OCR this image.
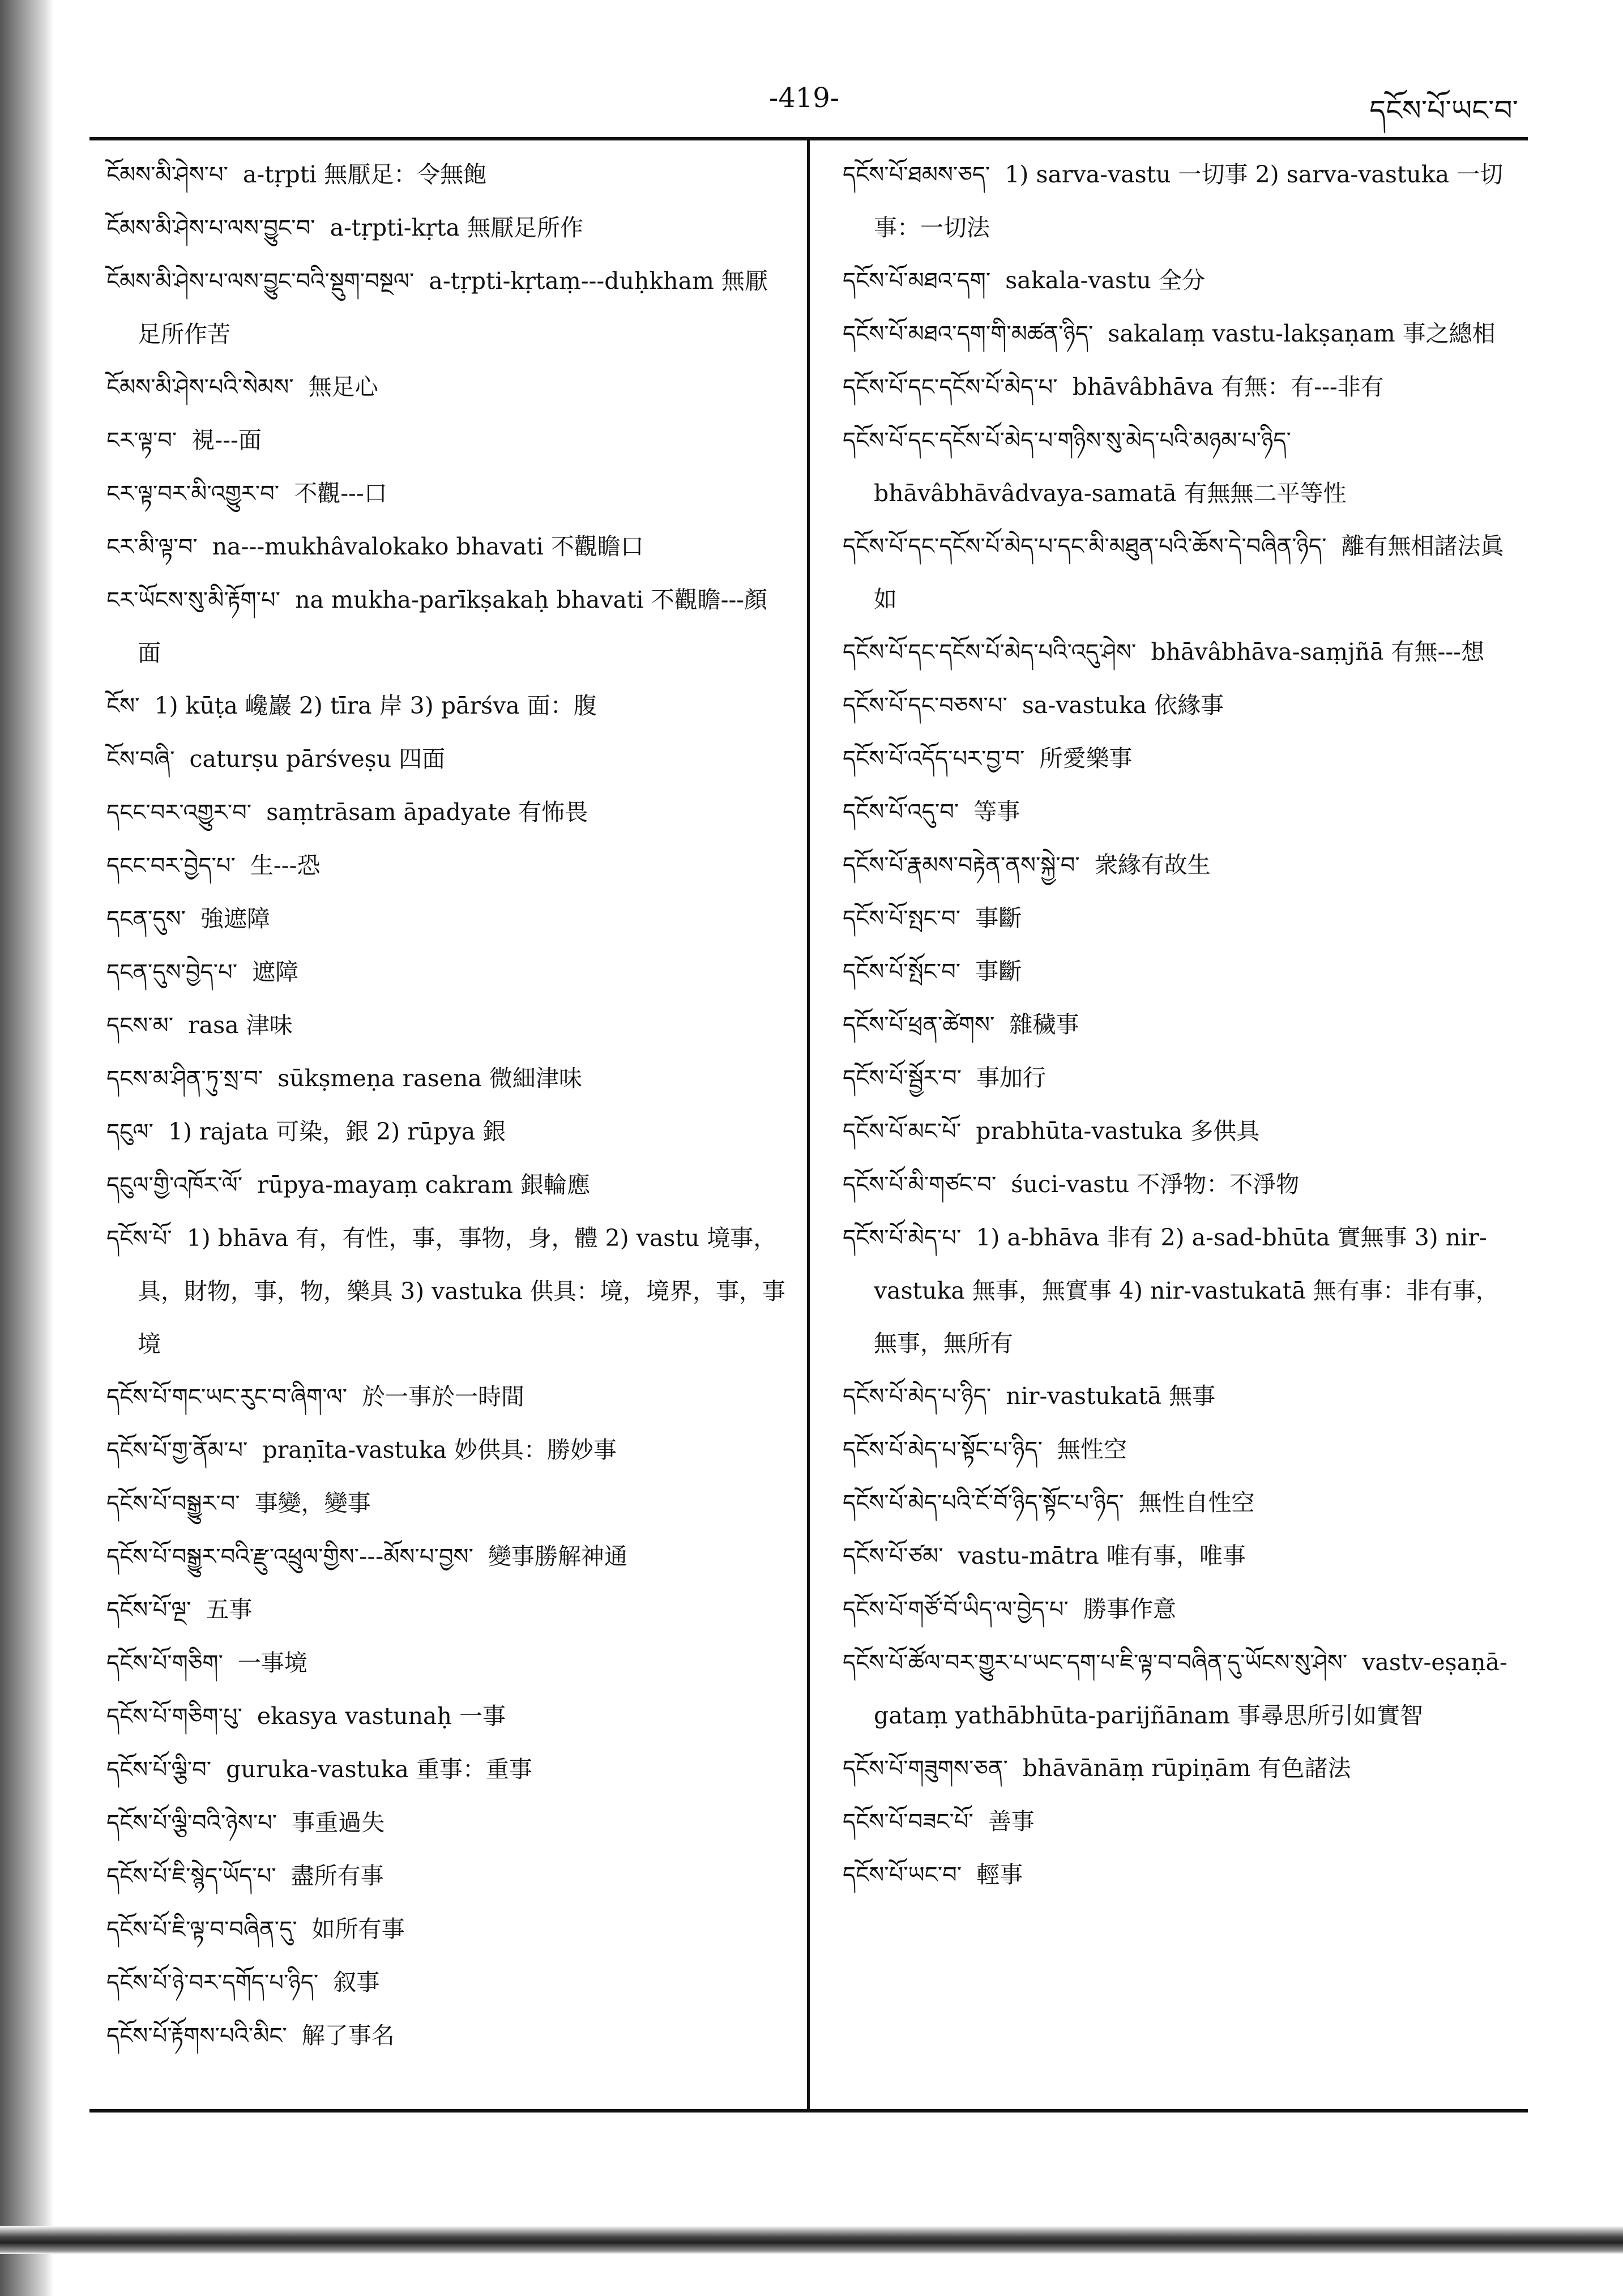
-419-	དངོས་པོ་ཡང་བ་
ངོམས་མི་ཤེས་པ་ a-tṛpti 無厭足：令無飽
ངོམས་མི་ཤེས་པ་ལས་བྱུང་བ་ a-tṛpti-kṛta 無厭足所作
ངོམས་མི་ཤེས་པ་ལས་བྱུང་བའི་སྡུག་བསྔལ་ a-tṛpti-kṛtaṃ---duḥkham 無厭足所作苦
ངོམས་མི་ཤེས་པའི་སེམས་ 無足心
ངར་ལྟ་བ་ 視---面
ངར་ལྟ་བར་མི་འགྱུར་བ་ 不觀---口
ངར་མི་ལྟ་བ་ na---mukhâvalokako bhavati 不觀瞻口
ངར་ཡོངས་སུ་མི་རྟོག་པ་ na mukha-parīkṣakaḥ bhavati 不觀瞻---顏面
ངོས་ 1) kūṭa 巉巖 2) tīra 岸 3) pārśva 面：腹
ངོས་བཞི་ caturṣu pārśveṣu 四面
དངང་བར་འགྱུར་བ་ saṃtrāsam āpadyate 有怖畏
དངང་བར་བྱེད་པ་ 生---恐
དངན་དུས་ 強遮障
དངན་དུས་བྱེད་པ་ 遮障
དངས་མ་ rasa 津味
དངས་མ་ཤིན་ཏུ་སྲ་བ་ sūkṣmeṇa rasena 微細津味
དངུལ་ 1) rajata 可染，銀 2) rūpya 銀
དངུལ་གྱི་འཁོར་ལོ་ rūpya-mayaṃ cakram 銀輪應
དངོས་པོ་ 1) bhāva 有，有性，事，事物，身，體 2) vastu 境事，具，財物，事，物，樂具 3) vastuka 供具：境，境界，事，事境
དངོས་པོ་གང་ཡང་རུང་བ་ཞིག་ལ་ 於一事於一時間
དངོས་པོ་གྱ་ནོམ་པ་ praṇīta-vastuka 妙供具：勝妙事
དངོས་པོ་བསྒྱུར་བ་ 事變，變事
དངོས་པོ་བསྒྱུར་བའི་རྫུ་འཕྲུལ་གྱིས་---མོས་པ་བྱས་ 變事勝解神通
དངོས་པོ་ལྔ་ 五事
དངོས་པོ་གཅིག་ 一事境
དངོས་པོ་གཅིག་པུ་ ekasya vastunaḥ 一事
དངོས་པོ་ལྕི་བ་ guruka-vastuka 重事：重事
དངོས་པོ་ལྕི་བའི་ཉེས་པ་ 事重過失
དངོས་པོ་ཇི་སྙེད་ཡོད་པ་ 盡所有事
དངོས་པོ་ཇི་ལྟ་བ་བཞིན་དུ་ 如所有事
དངོས་པོ་ཉེ་བར་དགོད་པ་ཉིད་ 叙事
དངོས་པོ་རྟོགས་པའི་མིང་ 解了事名
དངོས་པོ་ཐམས་ཅད་ 1) sarva-vastu 一切事 2) sarva-vastuka 一切事：一切法
དངོས་པོ་མཐའ་དག་ sakala-vastu 全分
དངོས་པོ་མཐའ་དག་གི་མཚན་ཉིད་ sakalaṃ vastu-lakṣaṇam 事之總相
དངོས་པོ་དང་དངོས་པོ་མེད་པ་ bhāvâbhāva 有無：有---非有
དངོས་པོ་དང་དངོས་པོ་མེད་པ་གཉིས་སུ་མེད་པའི་མཉམ་པ་ཉིད་bhāvâbhāvâdvaya-samatā 有無無二平等性
དངོས་པོ་དང་དངོས་པོ་མེད་པ་དང་མི་མཐུན་པའི་ཆོས་དེ་བཞིན་ཉིད་ 離有無相諸法眞如
དངོས་པོ་དང་དངོས་པོ་མེད་པའི་འདུ་ཤེས་ bhāvâbhāva-saṃjñā 有無---想
དངོས་པོ་དང་བཅས་པ་ sa-vastuka 依緣事
དངོས་པོ་འདོད་པར་བྱ་བ་ 所愛樂事
དངོས་པོ་འདུ་བ་ 等事
དངོས་པོ་རྣམས་བརྟེན་ནས་སྐྱེ་བ་ 衆緣有故生
དངོས་པོ་སྤང་བ་ 事斷
དངོས་པོ་སྤོང་བ་ 事斷
དངོས་པོ་ཕྲན་ཚེགས་ 雜穢事
དངོས་པོ་སྦྱོར་བ་ 事加行
དངོས་པོ་མང་པོ་ prabhūta-vastuka 多供具
དངོས་པོ་མི་གཙང་བ་ śuci-vastu 不淨物：不淨物
དངོས་པོ་མེད་པ་ 1) a-bhāva 非有 2) a-sad-bhūta 實無事 3) nir-vastuka 無事，無實事 4) nir-vastukatā 無有事：非有事，無事，無所有
དངོས་པོ་མེད་པ་ཉིད་ nir-vastukatā 無事
དངོས་པོ་མེད་པ་སྟོང་པ་ཉིད་ 無性空
དངོས་པོ་མེད་པའི་ངོ་བོ་ཉིད་སྟོང་པ་ཉིད་ 無性自性空
དངོས་པོ་ཙམ་ vastu-mātra 唯有事，唯事
དངོས་པོ་གཙོ་བོ་ཡིད་ལ་བྱེད་པ་ 勝事作意
དངོས་པོ་ཚོལ་བར་གྱུར་པ་ཡང་དག་པ་ཇི་ལྟ་བ་བཞིན་དུ་ཡོངས་སུ་ཤེས་ vastv-eṣaṇā-gataṃ yathābhūta-parijñānam 事尋思所引如實智
དངོས་པོ་གཟུགས་ཅན་ bhāvānāṃ rūpiṇām 有色諸法
དངོས་པོ་བཟང་པོ་ 善事
དངོས་པོ་ཡང་བ་ 輕事
